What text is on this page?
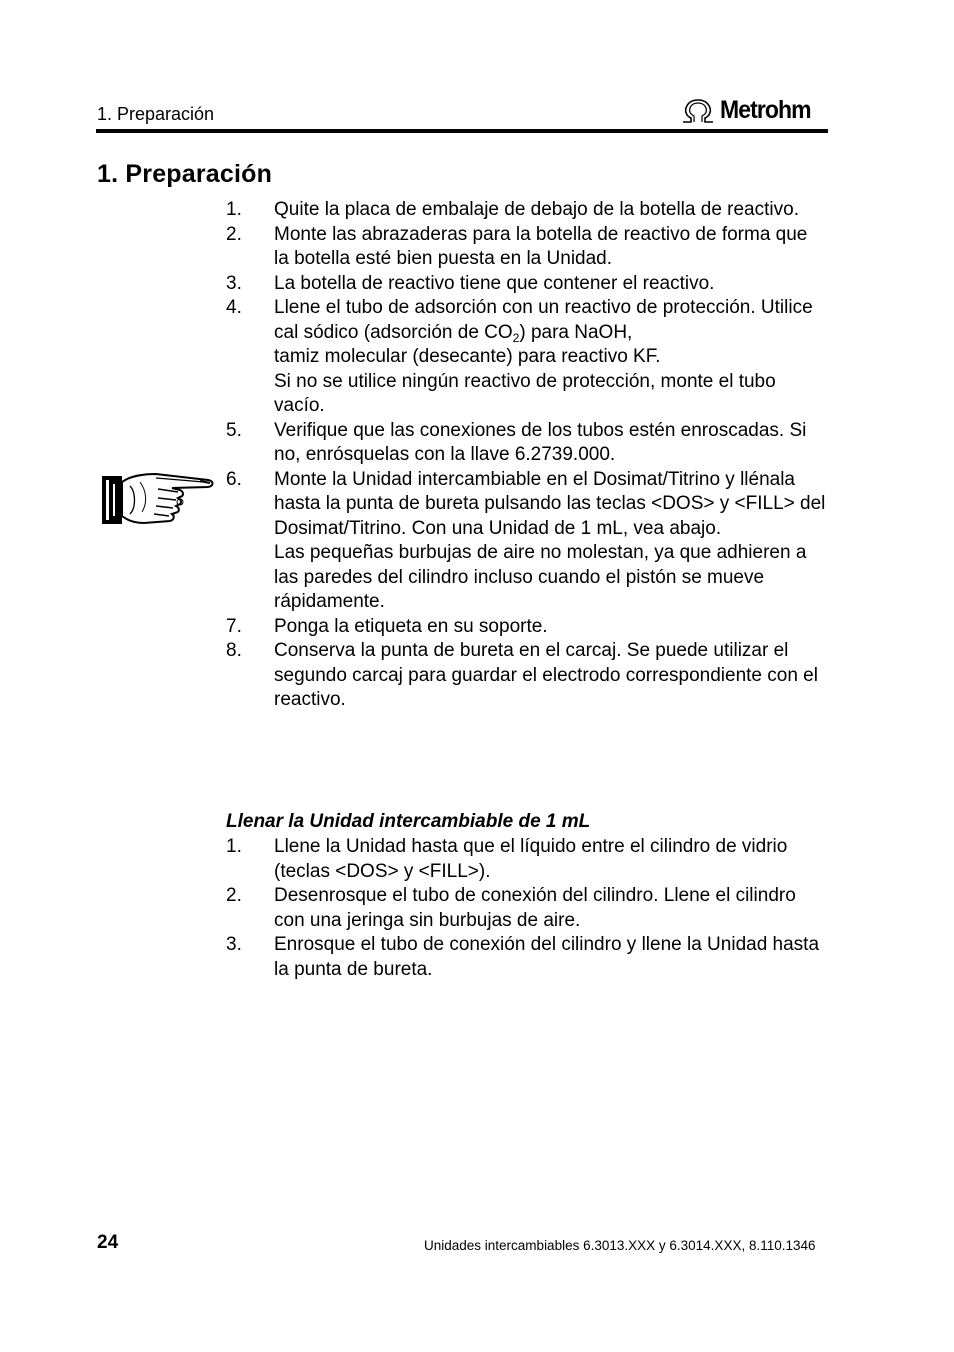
1. Preparación	Metrohm
1. Preparación
1.	Quite la placa de embalaje de debajo de la botella de reactivo.
2.	Monte las abrazaderas para la botella de reactivo de forma que la botella esté bien puesta en la Unidad.
3.	La botella de reactivo tiene que contener el reactivo.
4.	Llene el tubo de adsorción con un reactivo de protección. Utilice
cal sódico (adsorción de $CO_2$) para NaOH,
tamiz molecular (desecante) para reactivo KF.
Si no se utilice ningún reactivo de protección, monte el tubo vacío.
5.	Verifique que las conexiones de los tubos estén enroscadas. Si no, enrósquelas con la llave 6.2739.000.
6.	Monte la Unidad intercambiable en el Dosimat/Titrino y llénala hasta la punta de bureta pulsando las teclas <DOS> y <FILL> del Dosimat/Titrino. Con una Unidad de 1 mL, vea abajo.
Las pequeñas burbujas de aire no molestan, ya que adhieren a las paredes del cilindro incluso cuando el pistón se mueve rápidamente.
7.	Ponga la etiqueta en su soporte.
8.	Conserva la punta de bureta en el carcaj. Se puede utilizar el segundo carcaj para guardar el electrodo correspondiente con el reactivo.
Llenar la Unidad intercambiable de 1 mL
1.	Llene la Unidad hasta que el líquido entre el cilindro de vidrio (teclas <DOS> y <FILL>).
2.	Desenrosque el tubo de conexión del cilindro. Llene el cilindro con una jeringa sin burbujas de aire.
3.	Enrosque el tubo de conexión del cilindro y llene la Unidad hasta la punta de bureta.
24	Unidades intercambiables 6.3013.XXX y 6.3014.XXX, 8.110.1346
